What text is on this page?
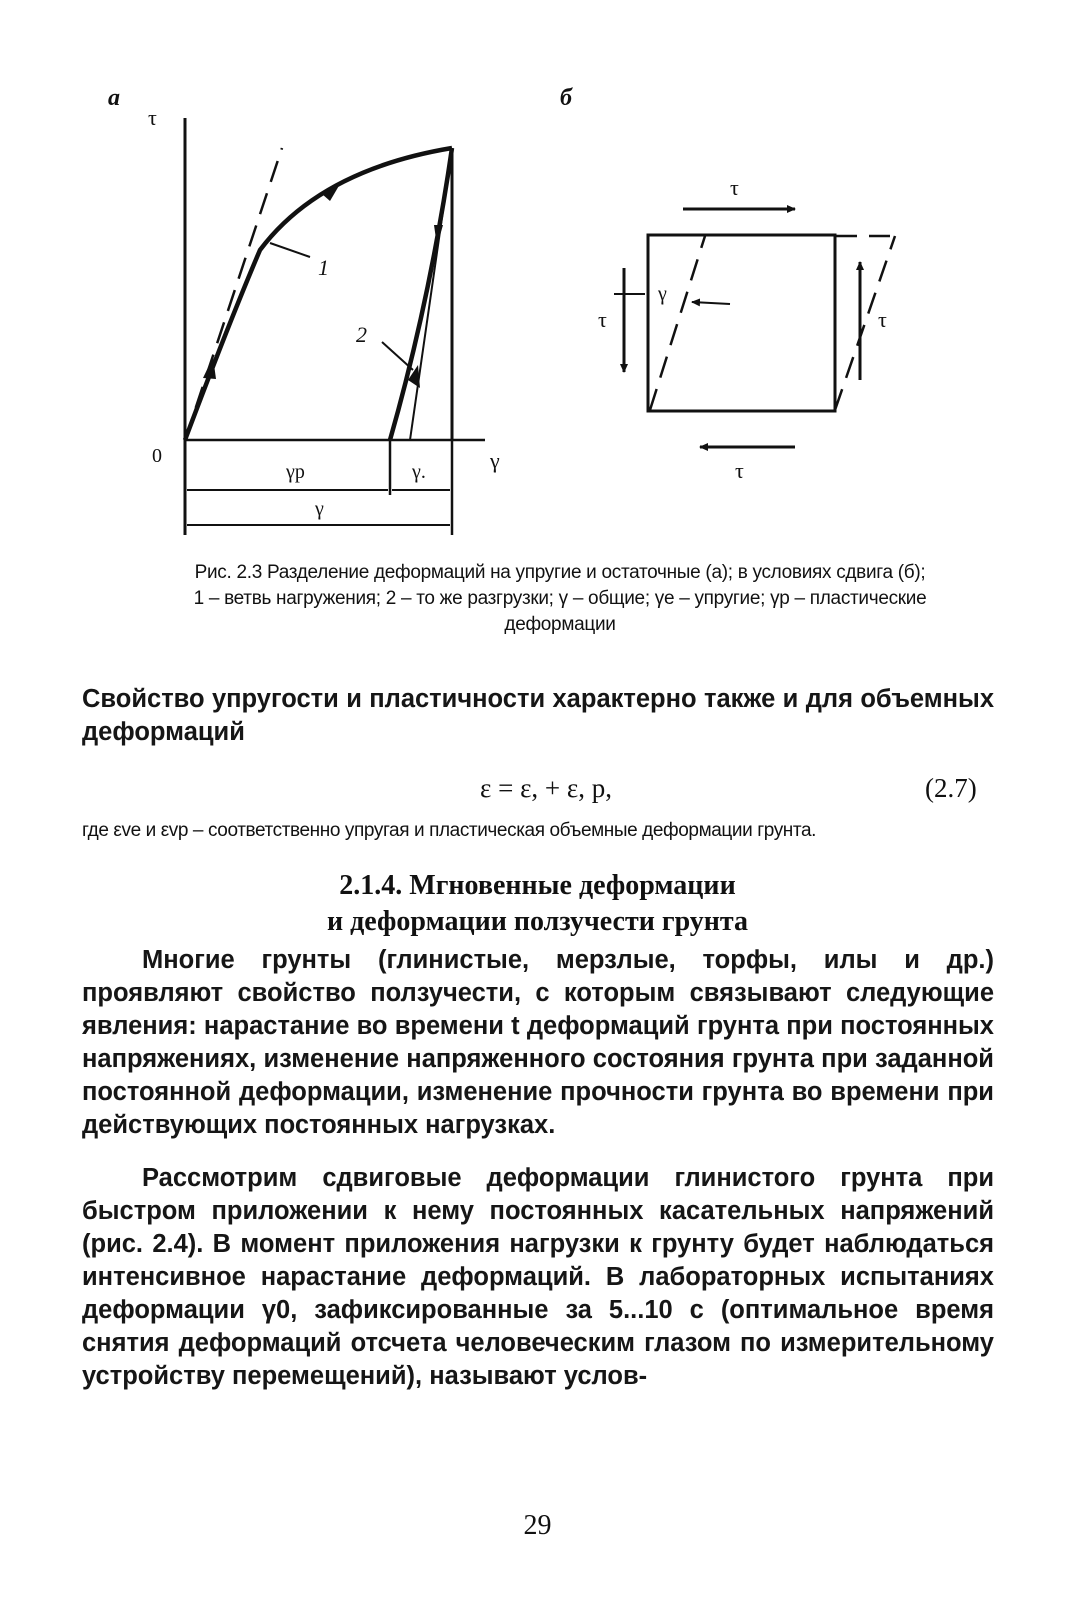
а
τ
0	γ
1
2
γp	γ.
γ
б
τ
τ
τ	τ
γ
Рис. 2.3 Разделение деформаций на упругие и остаточные (а); в условиях сдвига (б);
1 – ветвь нагружения; 2 – то же разгрузки; γ – общие; γе – упругие; γр – пластические
деформации

Свойство упругости и пластичности характерно также и для объемных деформаций

ε = ε, + ε, p,	(2.7)
где εve и εvp – соответственно упругая и пластическая объемные деформации грунта.
2.1.4. Мгновенные деформации
и деформации ползучести грунта

Многие грунты (глинистые, мерзлые, торфы, илы и др.) проявляют свойство ползучести, с которым связывают следующие явления: нарастание во времени t деформаций грунта при постоянных напряжениях, изменение напряженного состояния грунта при заданной постоянной деформации, изменение прочности грунта во времени при действующих постоянных нагрузках.

Рассмотрим сдвиговые деформации глинистого грунта при быстром приложении к нему постоянных касательных напряжений (рис. 2.4). В момент приложения нагрузки к грунту будет наблюдаться интенсивное нарастание деформаций. В лабораторных испытаниях деформации γ0, зафиксированные за 5...10 с (оптимальное время снятия деформаций отсчета человеческим глазом по измерительному устройству перемещений), называют услов-

29
